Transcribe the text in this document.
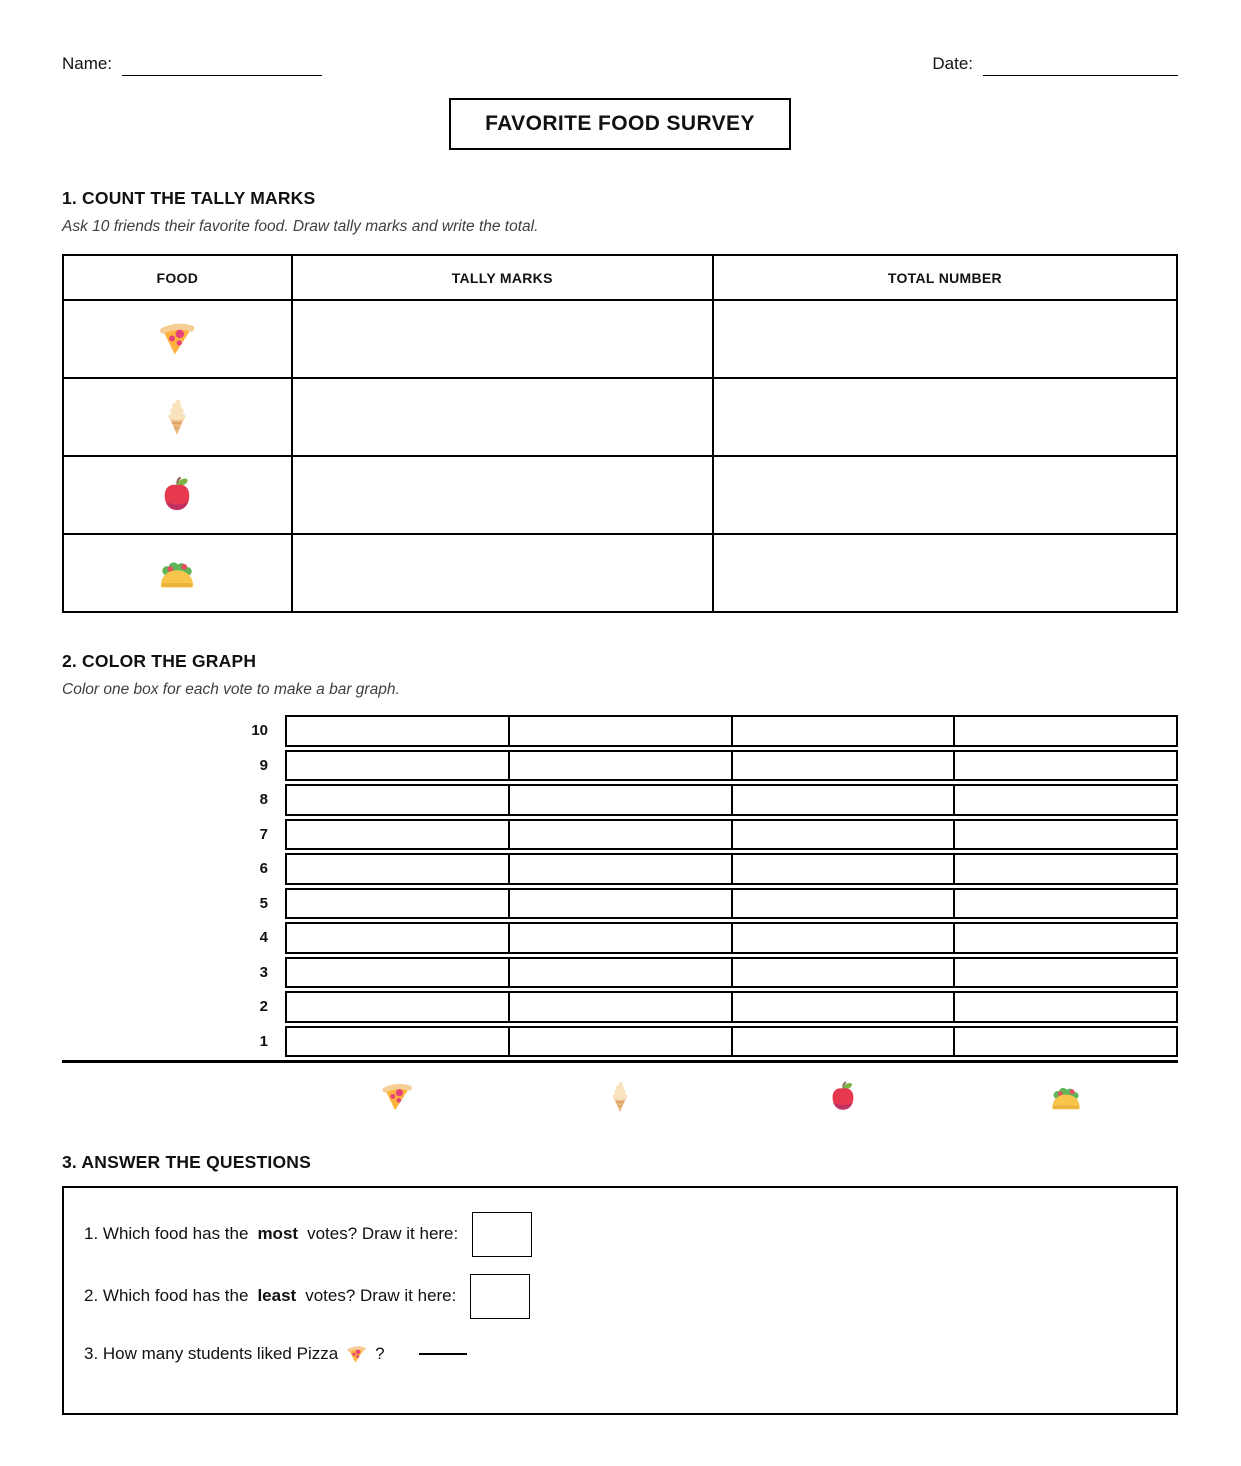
Name:	Date:
FAVORITE FOOD SURVEY
1. COUNT THE TALLY MARKS
Ask 10 friends their favorite food. Draw tally marks and write the total.
FOOD	TALLY MARKS	TOTAL NUMBER

2. COLOR THE GRAPH
Color one box for each vote to make a bar graph.
10
9
8
7
6
5
4
3
2
1
3. ANSWER THE QUESTIONS
1. Which food has the most votes? Draw it here:
2. Which food has the least votes? Draw it here:
3. How many students liked Pizza ?
